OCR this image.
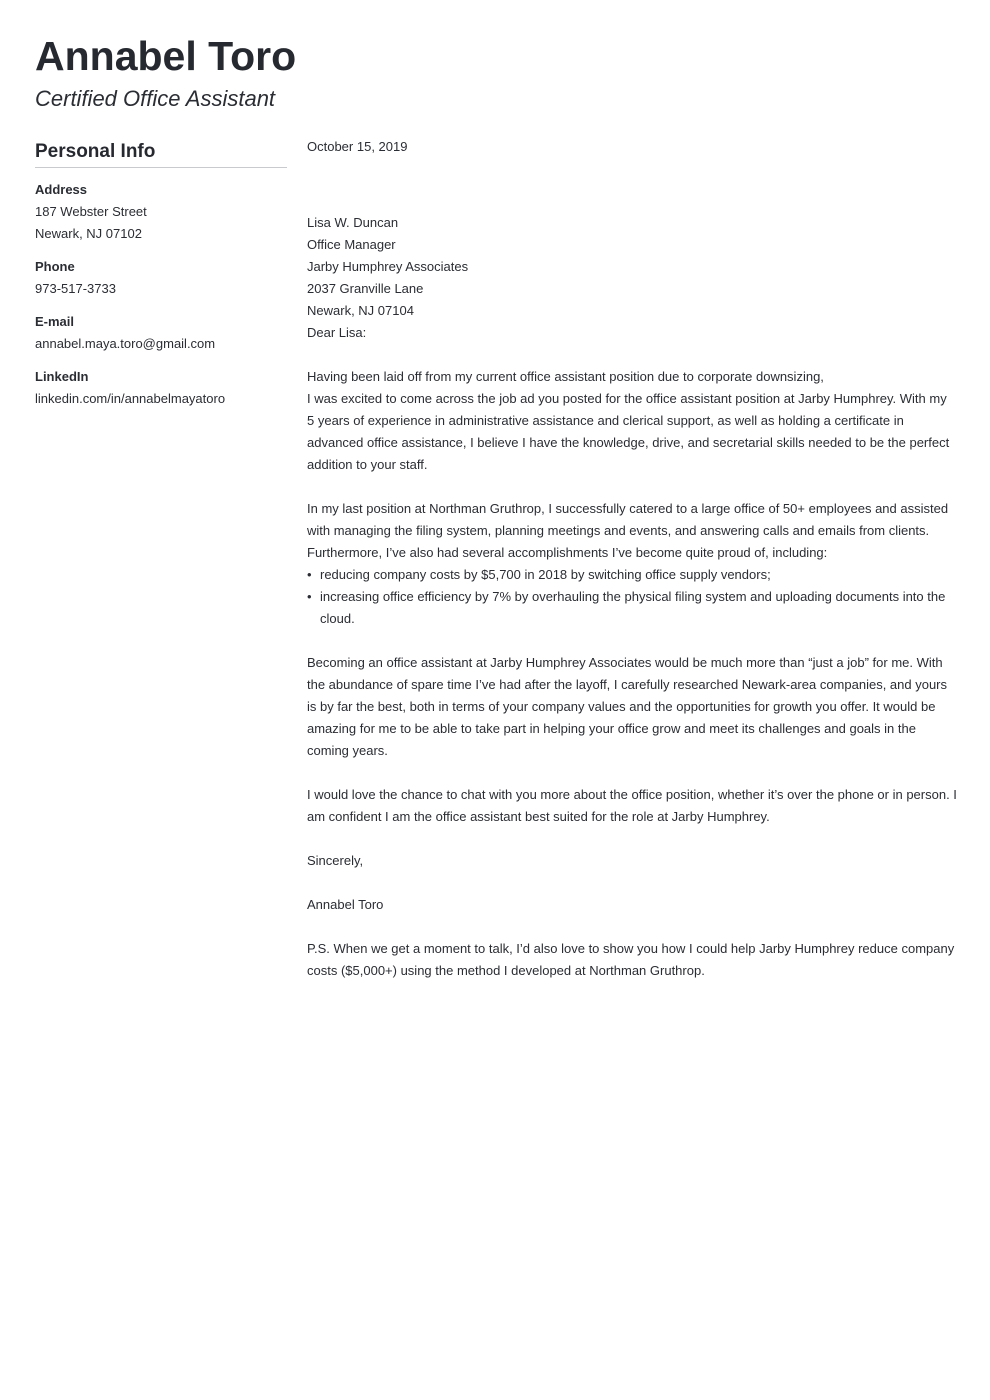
Annabel Toro
Certified Office Assistant
Personal Info
Address
187 Webster Street
Newark, NJ 07102
Phone
973-517-3733
E-mail
annabel.maya.toro@gmail.com
LinkedIn
linkedin.com/in/annabelmayatoro

October 15, 2019

Lisa W. Duncan

Office Manager

Jarby Humphrey Associates

2037 Granville Lane

Newark, NJ 07104

Dear Lisa:

Having been laid off from my current office assistant position due to corporate downsizing,

I was excited to come across the job ad you posted for the office assistant position at Jarby Humphrey. With my 5 years of experience in administrative assistance and clerical support, as well as holding a certificate in advanced office assistance, I believe I have the knowledge, drive, and secretarial skills needed to be the perfect addition to your staff.

In my last position at Northman Gruthrop, I successfully catered to a large office of 50+ employees and assisted with managing the filing system, planning meetings and events, and answering calls and emails from clients. Furthermore, I’ve also had several accomplishments I’ve become quite proud of, including:

• reducing company costs by $5,700 in 2018 by switching office supply vendors;
• increasing office efficiency by 7% by overhauling the physical filing system and uploading documents into the cloud.

Becoming an office assistant at Jarby Humphrey Associates would be much more than “just a job” for me. With the abundance of spare time I’ve had after the layoff, I carefully researched Newark-area companies, and yours is by far the best, both in terms of your company values and the opportunities for growth you offer. It would be amazing for me to be able to take part in helping your office grow and meet its challenges and goals in the coming years.

I would love the chance to chat with you more about the office position, whether it’s over the phone or in person. I am confident I am the office assistant best suited for the role at Jarby Humphrey.

Sincerely,

Annabel Toro

P.S. When we get a moment to talk, I’d also love to show you how I could help Jarby Humphrey reduce company costs ($5,000+) using the method I developed at Northman Gruthrop.
